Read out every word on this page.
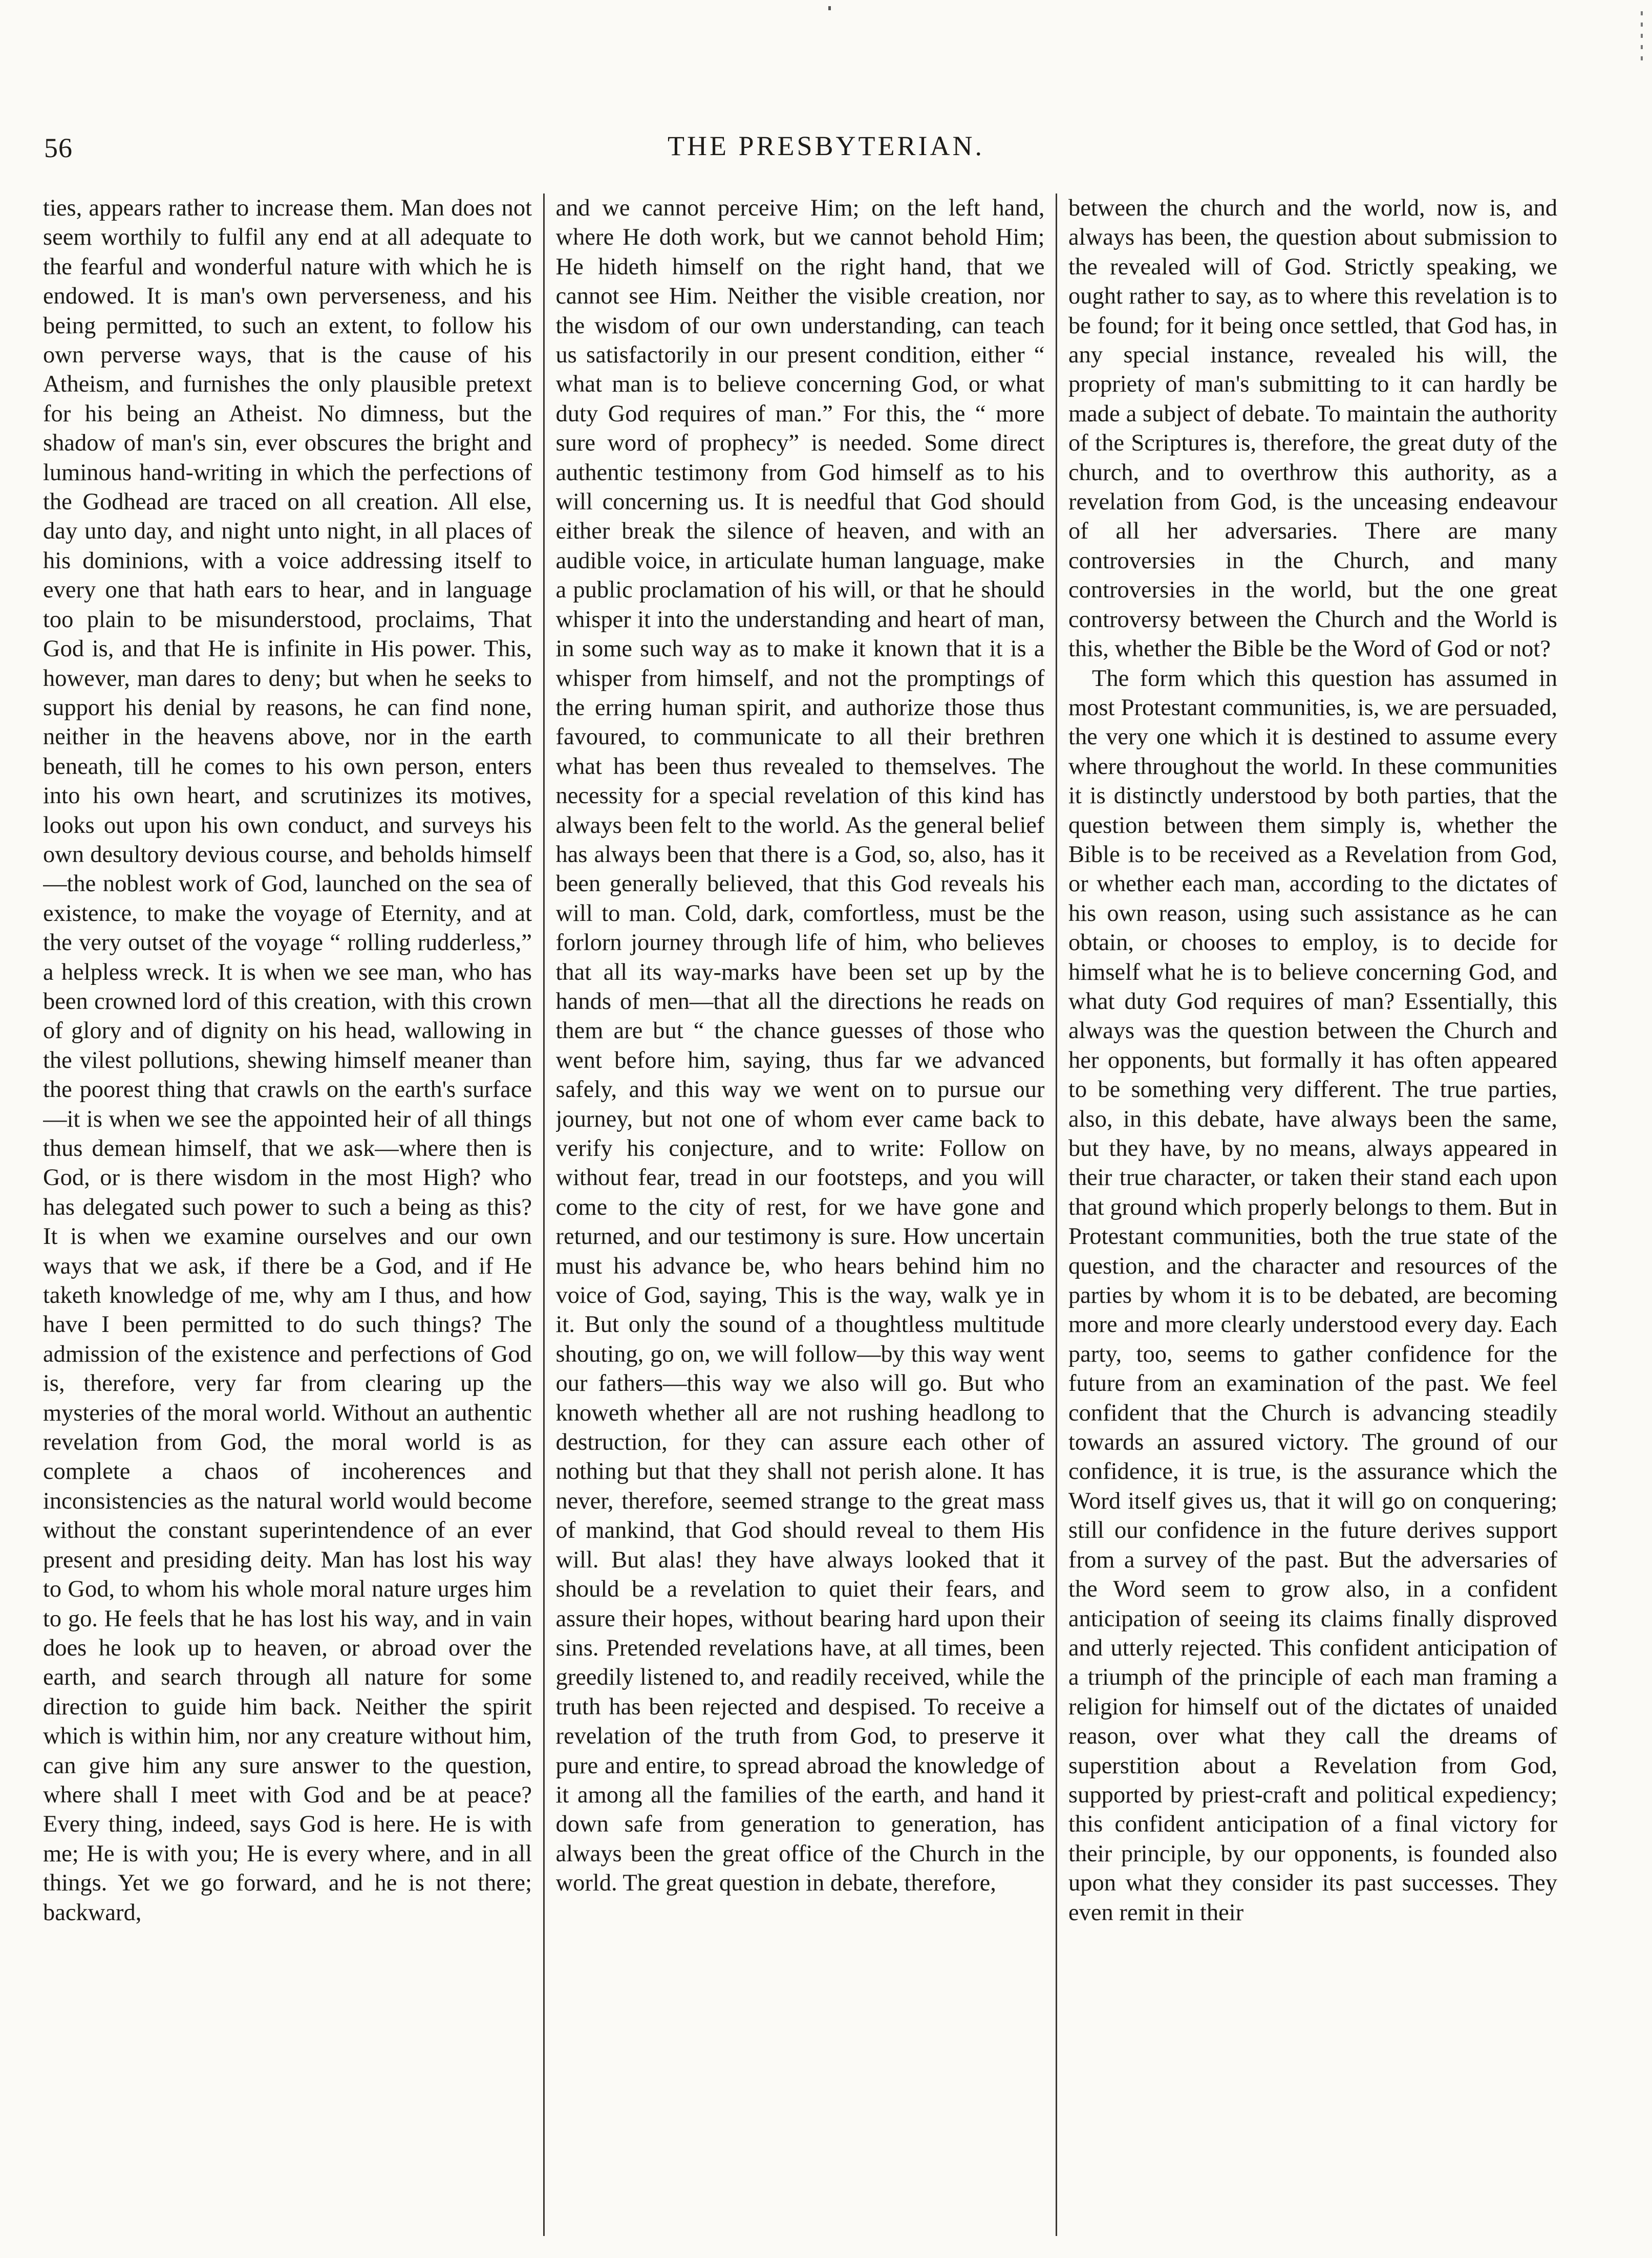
56	THE PRESBYTERIAN.

ties, appears rather to increase them. Man does not seem worthily to fulfil any end at all adequate to the fearful and wonderful nature with which he is endowed. It is man's own perverseness, and his being permitted, to such an extent, to follow his own perverse ways, that is the cause of his Atheism, and furnishes the only plausible pretext for his being an Atheist. No dimness, but the shadow of man's sin, ever obscures the bright and luminous hand-writing in which the perfections of the Godhead are traced on all creation. All else, day unto day, and night unto night, in all places of his dominions, with a voice addressing itself to every one that hath ears to hear, and in language too plain to be misunderstood, proclaims, That God is, and that He is infinite in His power. This, however, man dares to deny; but when he seeks to support his denial by reasons, he can find none, neither in the heavens above, nor in the earth beneath, till he comes to his own person, enters into his own heart, and scrutinizes its motives, looks out upon his own conduct, and surveys his own desultory devious course, and beholds himself—the noblest work of God, launched on the sea of existence, to make the voyage of Eternity, and at the very outset of the voyage “ rolling rudderless,” a helpless wreck. It is when we see man, who has been crowned lord of this creation, with this crown of glory and of dignity on his head, wallowing in the vilest pollutions, shewing himself meaner than the poorest thing that crawls on the earth's surface—it is when we see the appointed heir of all things thus demean himself, that we ask—where then is God, or is there wisdom in the most High? who has delegated such power to such a being as this? It is when we examine ourselves and our own ways that we ask, if there be a God, and if He taketh knowledge of me, why am I thus, and how have I been permitted to do such things? The admission of the existence and perfections of God is, therefore, very far from clearing up the mysteries of the moral world. Without an authentic revelation from God, the moral world is as complete a chaos of incoherences and inconsistencies as the natural world would become without the constant superintendence of an ever present and presiding deity. Man has lost his way to God, to whom his whole moral nature urges him to go. He feels that he has lost his way, and in vain does he look up to heaven, or abroad over the earth, and search through all nature for some direction to guide him back. Neither the spirit which is within him, nor any creature without him, can give him any sure answer to the question, where shall I meet with God and be at peace? Every thing, indeed, says God is here. He is with me; He is with you; He is every where, and in all things. Yet we go forward, and he is not there; backward,

and we cannot perceive Him; on the left hand, where He doth work, but we cannot behold Him; He hideth himself on the right hand, that we cannot see Him. Neither the visible creation, nor the wisdom of our own understanding, can teach us satisfactorily in our present condition, either “ what man is to believe concerning God, or what duty God requires of man.” For this, the “ more sure word of prophecy” is needed. Some direct authentic testimony from God himself as to his will concerning us. It is needful that God should either break the silence of heaven, and with an audible voice, in articulate human language, make a public proclamation of his will, or that he should whisper it into the understanding and heart of man, in some such way as to make it known that it is a whisper from himself, and not the promptings of the erring human spirit, and authorize those thus favoured, to communicate to all their brethren what has been thus revealed to themselves. The necessity for a special revelation of this kind has always been felt to the world. As the general belief has always been that there is a God, so, also, has it been generally believed, that this God reveals his will to man. Cold, dark, comfortless, must be the forlorn journey through life of him, who believes that all its way-marks have been set up by the hands of men—that all the directions he reads on them are but “ the chance guesses of those who went before him, saying, thus far we advanced safely, and this way we went on to pursue our journey, but not one of whom ever came back to verify his conjecture, and to write: Follow on without fear, tread in our footsteps, and you will come to the city of rest, for we have gone and returned, and our testimony is sure. How uncertain must his advance be, who hears behind him no voice of God, saying, This is the way, walk ye in it. But only the sound of a thoughtless multitude shouting, go on, we will follow—by this way went our fathers—this way we also will go. But who knoweth whether all are not rushing headlong to destruction, for they can assure each other of nothing but that they shall not perish alone. It has never, therefore, seemed strange to the great mass of mankind, that God should reveal to them His will. But alas! they have always looked that it should be a revelation to quiet their fears, and assure their hopes, without bearing hard upon their sins. Pretended revelations have, at all times, been greedily listened to, and readily received, while the truth has been rejected and despised. To receive a revelation of the truth from God, to preserve it pure and entire, to spread abroad the knowledge of it among all the families of the earth, and hand it down safe from generation to generation, has always been the great office of the Church in the world. The great question in debate, therefore,

between the church and the world, now is, and always has been, the question about submission to the revealed will of God. Strictly speaking, we ought rather to say, as to where this revelation is to be found; for it being once settled, that God has, in any special instance, revealed his will, the propriety of man's submitting to it can hardly be made a subject of debate. To maintain the authority of the Scriptures is, therefore, the great duty of the church, and to overthrow this authority, as a revelation from God, is the unceasing endeavour of all her adversaries. There are many controversies in the Church, and many controversies in the world, but the one great controversy between the Church and the World is this, whether the Bible be the Word of God or not?

The form which this question has assumed in most Protestant communities, is, we are persuaded, the very one which it is destined to assume every where throughout the world. In these communities it is distinctly understood by both parties, that the question between them simply is, whether the Bible is to be received as a Revelation from God, or whether each man, according to the dictates of his own reason, using such assistance as he can obtain, or chooses to employ, is to decide for himself what he is to believe concerning God, and what duty God requires of man? Essentially, this always was the question between the Church and her opponents, but formally it has often appeared to be something very different. The true parties, also, in this debate, have always been the same, but they have, by no means, always appeared in their true character, or taken their stand each upon that ground which properly belongs to them. But in Protestant communities, both the true state of the question, and the character and resources of the parties by whom it is to be debated, are becoming more and more clearly understood every day. Each party, too, seems to gather confidence for the future from an examination of the past. We feel confident that the Church is advancing steadily towards an assured victory. The ground of our confidence, it is true, is the assurance which the Word itself gives us, that it will go on conquering; still our confidence in the future derives support from a survey of the past. But the adversaries of the Word seem to grow also, in a confident anticipation of seeing its claims finally disproved and utterly rejected. This confident anticipation of a triumph of the principle of each man framing a religion for himself out of the dictates of unaided reason, over what they call the dreams of superstition about a Revelation from God, supported by priest-craft and political expediency; this confident anticipation of a final victory for their principle, by our opponents, is founded also upon what they consider its past successes. They even remit in their
